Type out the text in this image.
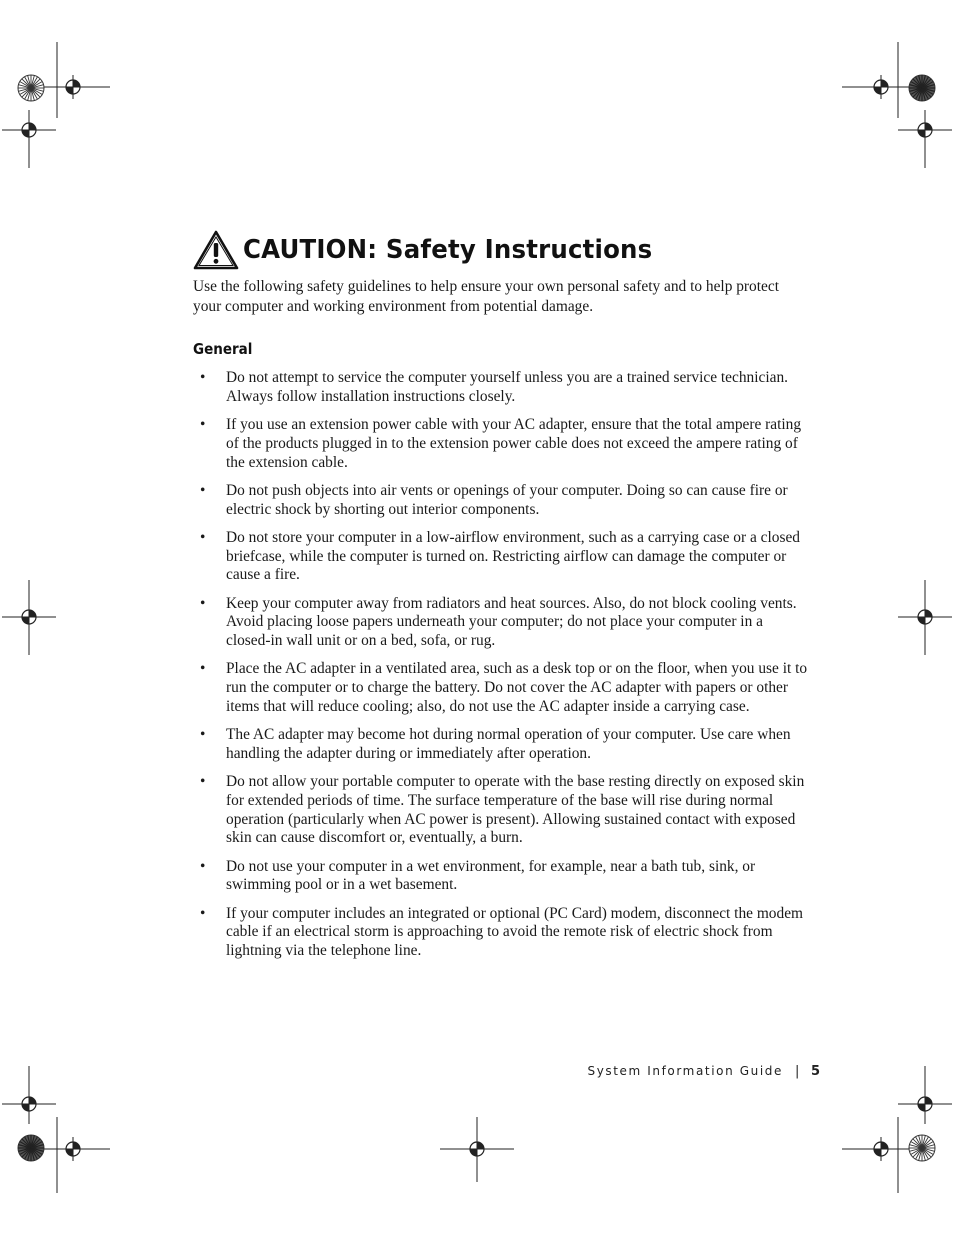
CAUTION: Safety Instructions

Use the following safety guidelines to help ensure your own personal safety and to help protect your computer and working environment from potential damage.

General
• Do not attempt to service the computer yourself unless you are a trained service technician. Always follow installation instructions closely.
• If you use an extension power cable with your AC adapter, ensure that the total ampere rating of the products plugged in to the extension power cable does not exceed the ampere rating of the extension cable.
• Do not push objects into air vents or openings of your computer. Doing so can cause fire or electric shock by shorting out interior components.
• Do not store your computer in a low-airflow environment, such as a carrying case or a closed briefcase, while the computer is turned on. Restricting airflow can damage the computer or cause a fire.
• Keep your computer away from radiators and heat sources. Also, do not block cooling vents. Avoid placing loose papers underneath your computer; do not place your computer in a closed-in wall unit or on a bed, sofa, or rug.
• Place the AC adapter in a ventilated area, such as a desk top or on the floor, when you use it to run the computer or to charge the battery. Do not cover the AC adapter with papers or other items that will reduce cooling; also, do not use the AC adapter inside a carrying case.
• The AC adapter may become hot during normal operation of your computer. Use care when handling the adapter during or immediately after operation.
• Do not allow your portable computer to operate with the base resting directly on exposed skin for extended periods of time. The surface temperature of the base will rise during normal operation (particularly when AC power is present). Allowing sustained contact with exposed skin can cause discomfort or, eventually, a burn.
• Do not use your computer in a wet environment, for example, near a bath tub, sink, or swimming pool or in a wet basement.
• If your computer includes an integrated or optional (PC Card) modem, disconnect the modem cable if an electrical storm is approaching to avoid the remote risk of electric shock from lightning via the telephone line.
System Information Guide | 5
